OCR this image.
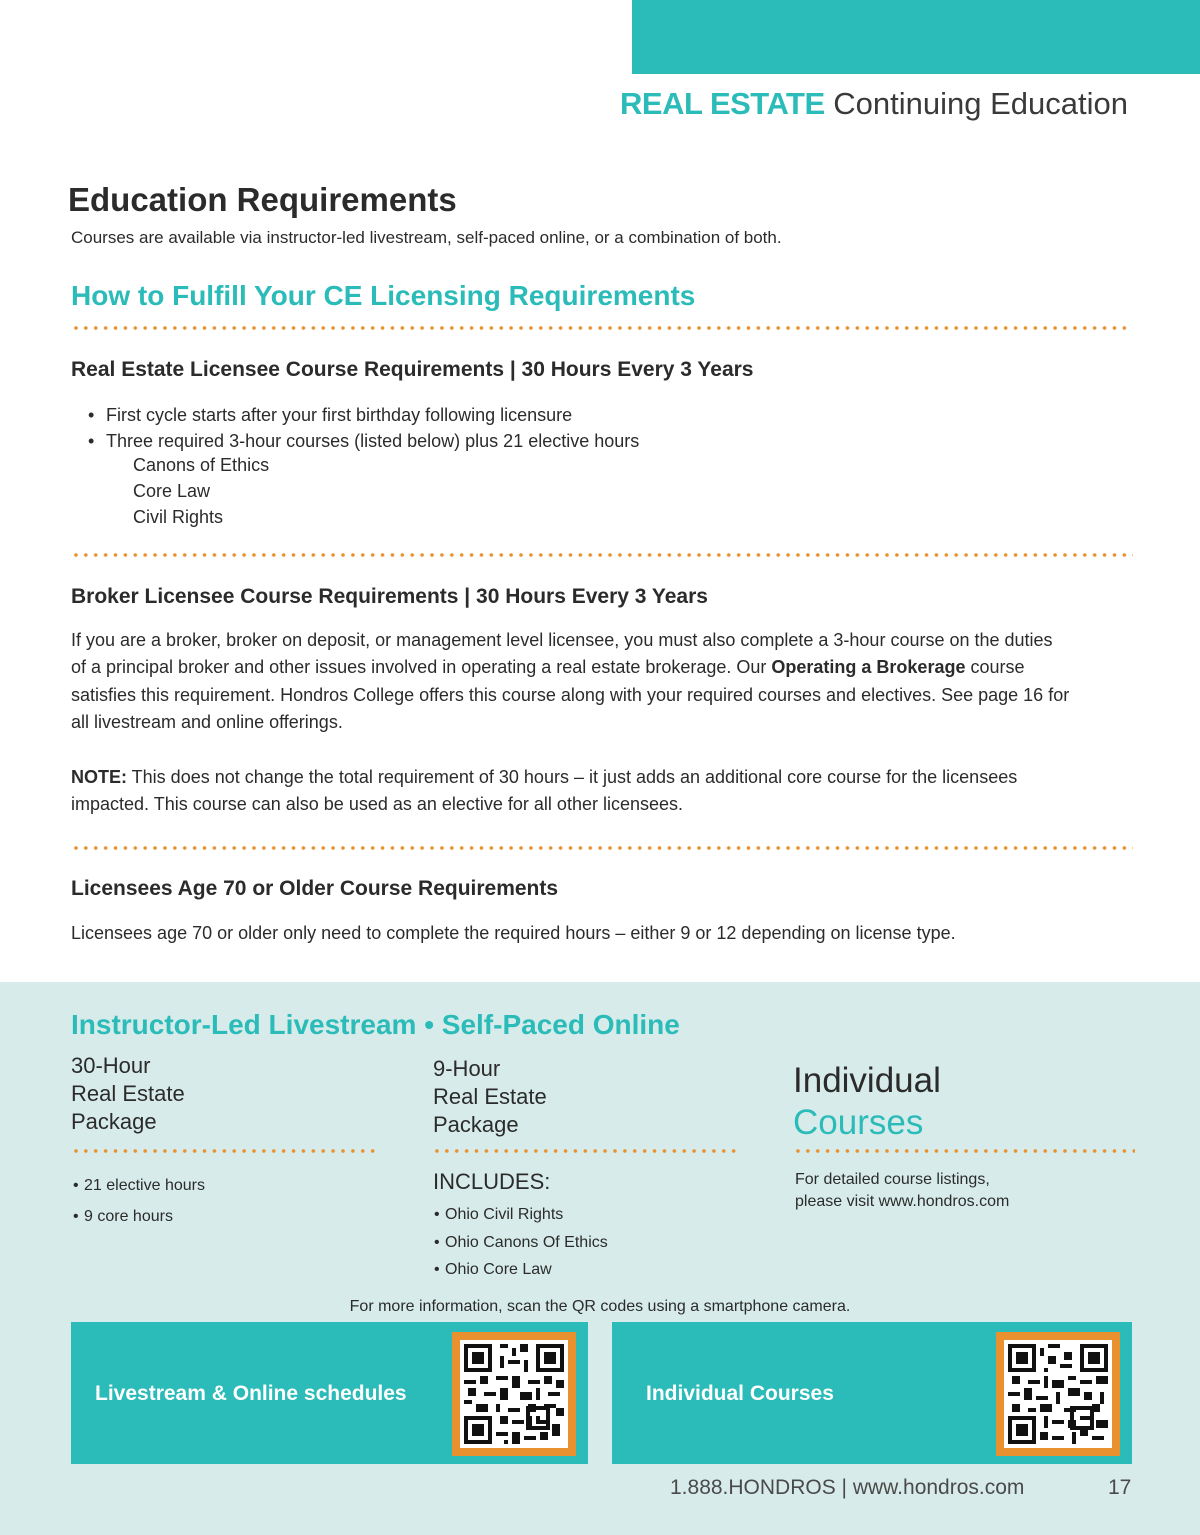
REAL ESTATE Continuing Education
Education Requirements

Courses are available via instructor-led livestream, self-paced online, or a combination of both.

How to Fulfill Your CE Licensing Requirements
Real Estate Licensee Course Requirements | 30 Hours Every 3 Years
• First cycle starts after your first birthday following licensure
• Three required 3-hour courses (listed below) plus 21 elective hours
Canons of Ethics
Core Law
Civil Rights
Broker Licensee Course Requirements | 30 Hours Every 3 Years

If you are a broker, broker on deposit, or management level licensee, you must also complete a 3-hour course on the duties of a principal broker and other issues involved in operating a real estate brokerage. Our Operating a Brokerage course satisfies this requirement. Hondros College offers this course along with your required courses and electives. See page 16 for all livestream and online offerings.

NOTE: This does not change the total requirement of 30 hours – it just adds an additional core course for the licensees impacted. This course can also be used as an elective for all other licensees.

Licensees Age 70 or Older Course Requirements

Licensees age 70 or older only need to complete the required hours – either 9 or 12 depending on license type.

Instructor-Led Livestream • Self-Paced Online
30-Hour
Real Estate
Package
9-Hour
Real Estate
Package
Individual
Courses
• 21 elective hours
• 9 core hours
INCLUDES:
• Ohio Civil Rights
• Ohio Canons Of Ethics
• Ohio Core Law
For detailed course listings,
please visit www.hondros.com

For more information, scan the QR codes using a smartphone camera.

Livestream & Online schedules	Individual Courses
1.888.HONDROS | www.hondros.com	17
